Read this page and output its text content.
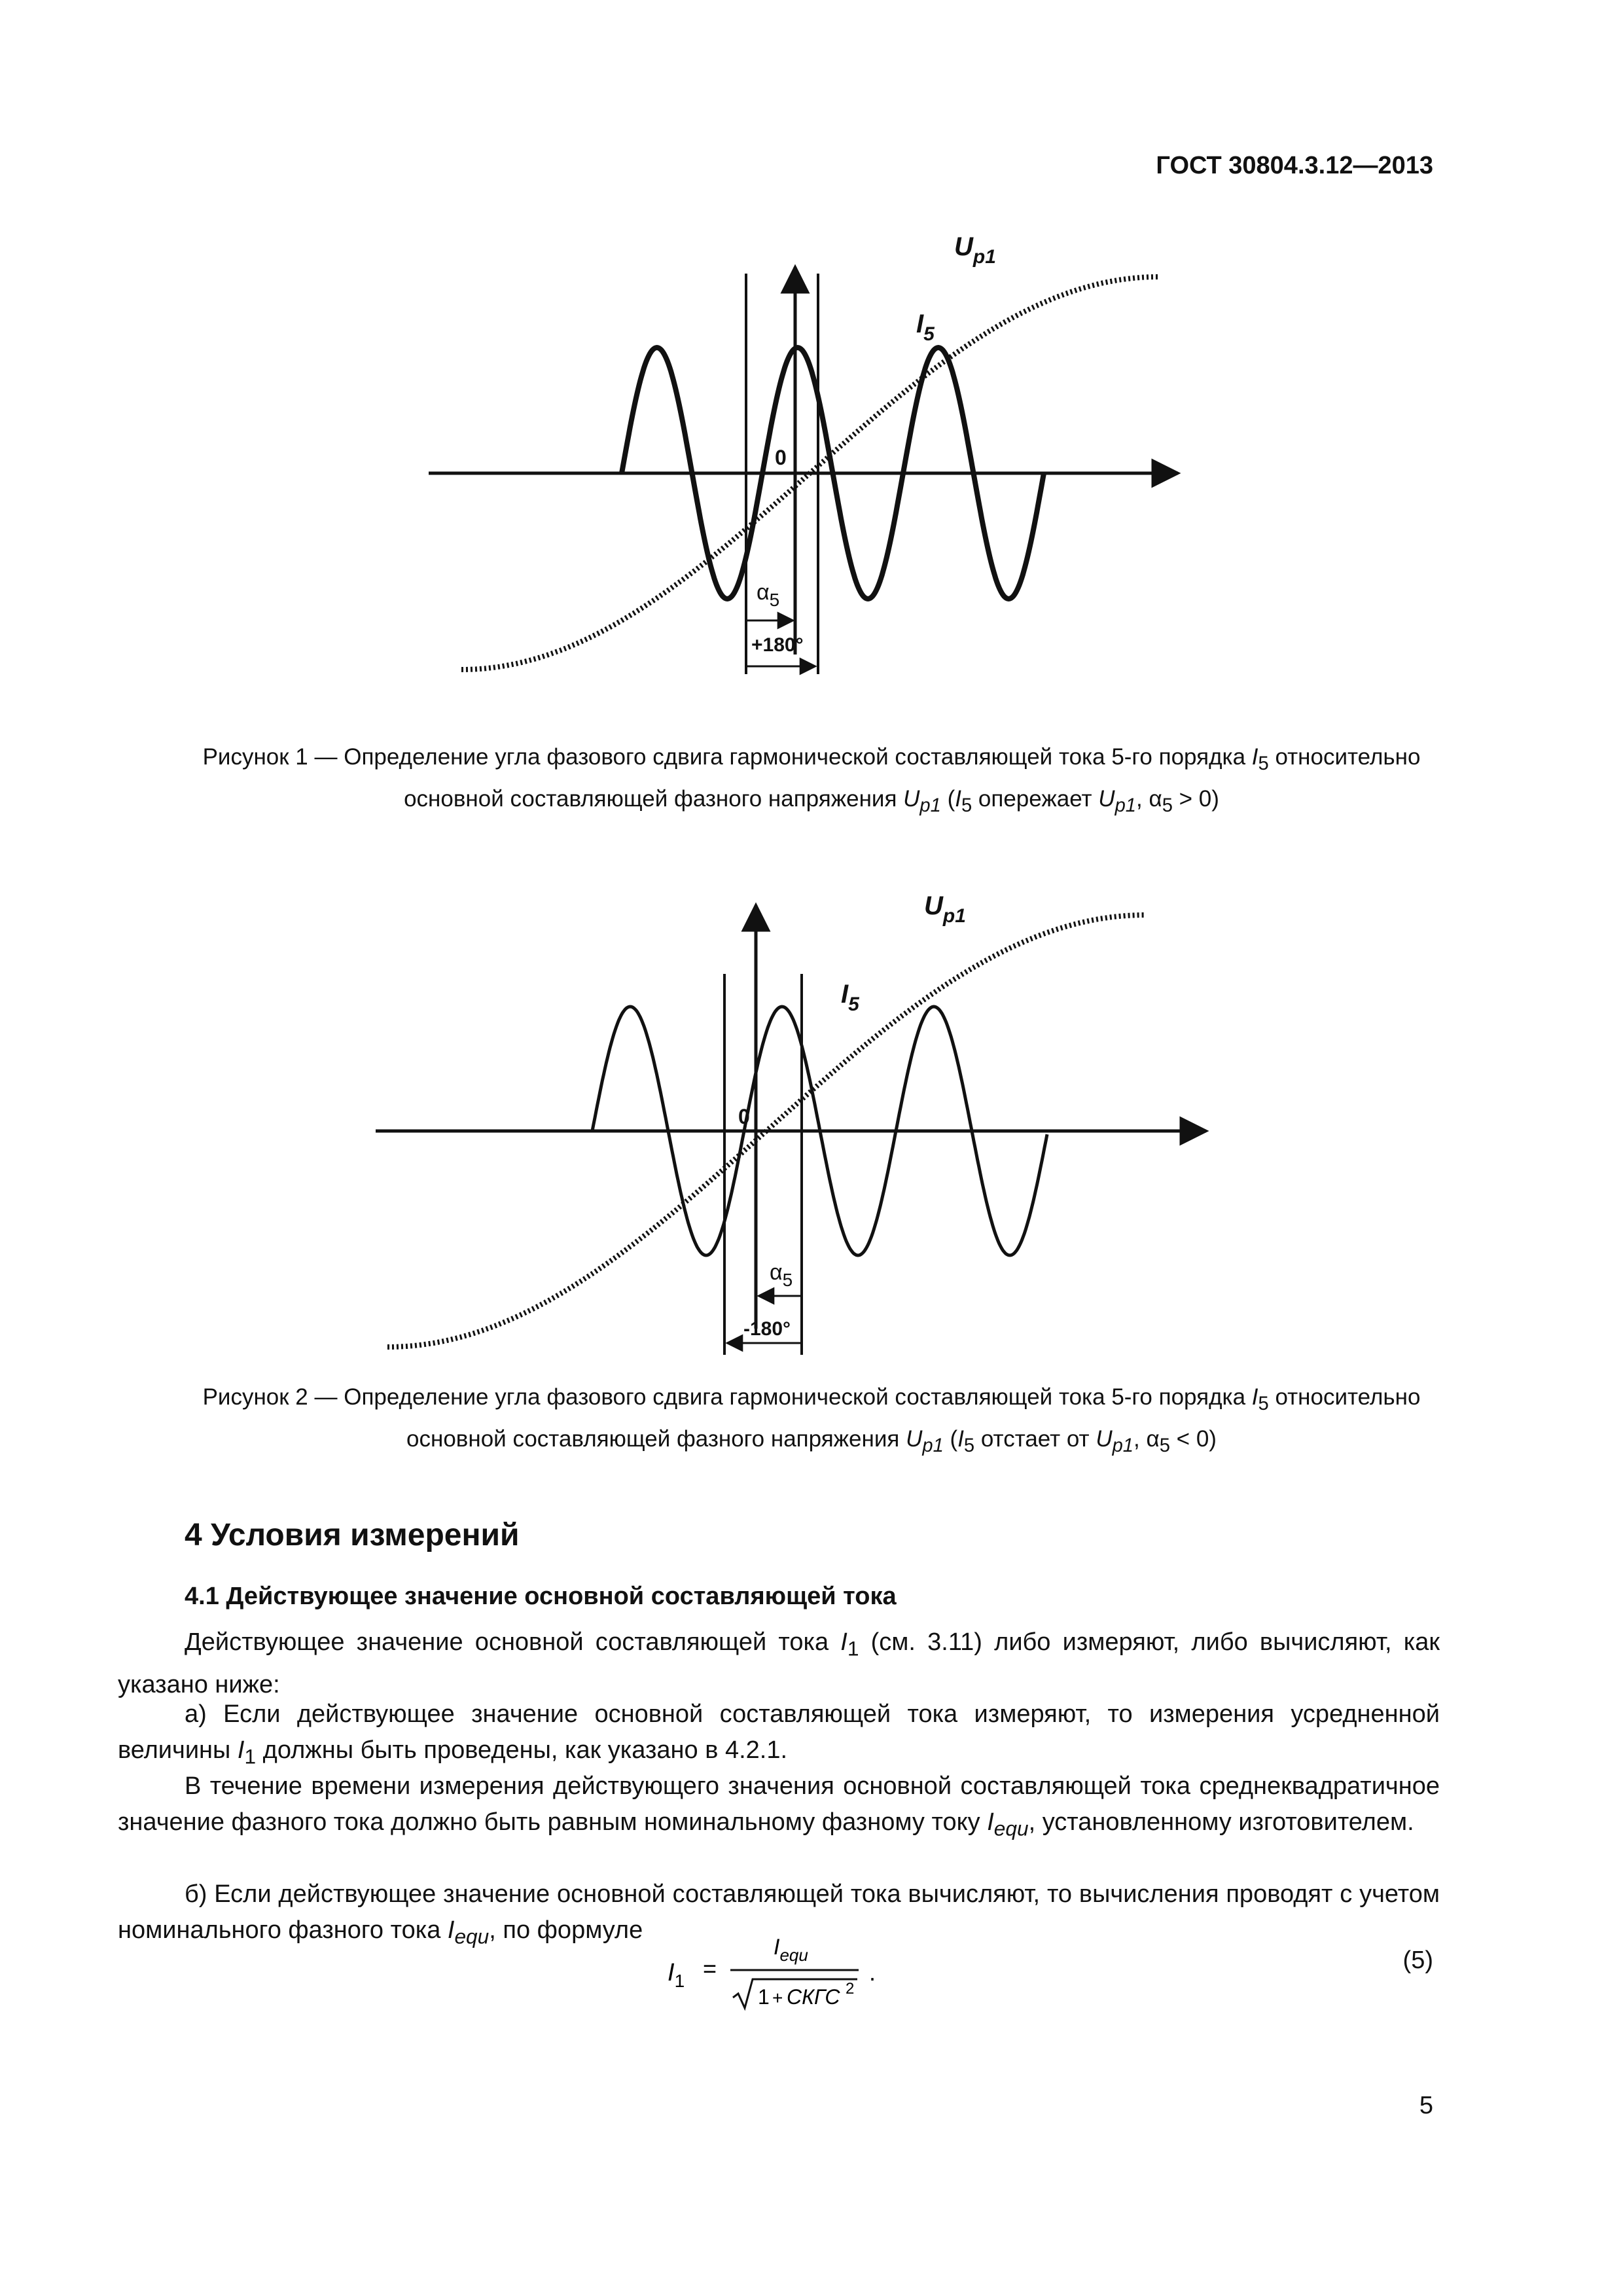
ГОСТ 30804.3.12—2013
$U_{p1}$
$I_5$
0
$\alpha_5$
+180°
$U_{p1}$
$I_5$
0
$\alpha_5$
-180°
Рисунок 1 — Определение угла фазового сдвига гармонической составляющей тока 5-го порядка $I_5$ относительно
основной составляющей фазного напряжения $U_{p1}$ ($I_5$ опережает $U_{p1}$, $\alpha_5 > 0$)
Рисунок 2 — Определение угла фазового сдвига гармонической составляющей тока 5-го порядка $I_5$ относительно
основной составляющей фазного напряжения $U_{p1}$ ($I_5$ отстает от $U_{p1}$, $\alpha_5 < 0$)
4 Условия измерений
4.1 Действующее значение основной составляющей тока
Действующее значение основной составляющей тока $I_1$ (см. 3.11) либо измеряют, либо вычисляют, как указано ниже:
а) Если действующее значение основной составляющей тока измеряют, то измерения усредненной величины $I_1$ должны быть проведены, как указано в 4.2.1.
В течение времени измерения действующего значения основной составляющей тока среднеквадратичное значение фазного тока должно быть равным номинальному фазному току $I_{equ}$, установленному изготовителем.
б) Если действующее значение основной составляющей тока вычисляют, то вычисления проводят с учетом номинального фазного тока $I_{equ}$, по формуле
$I_1$ =
$I_{equ}$
1 + СКГС 2
.	(5)
5
